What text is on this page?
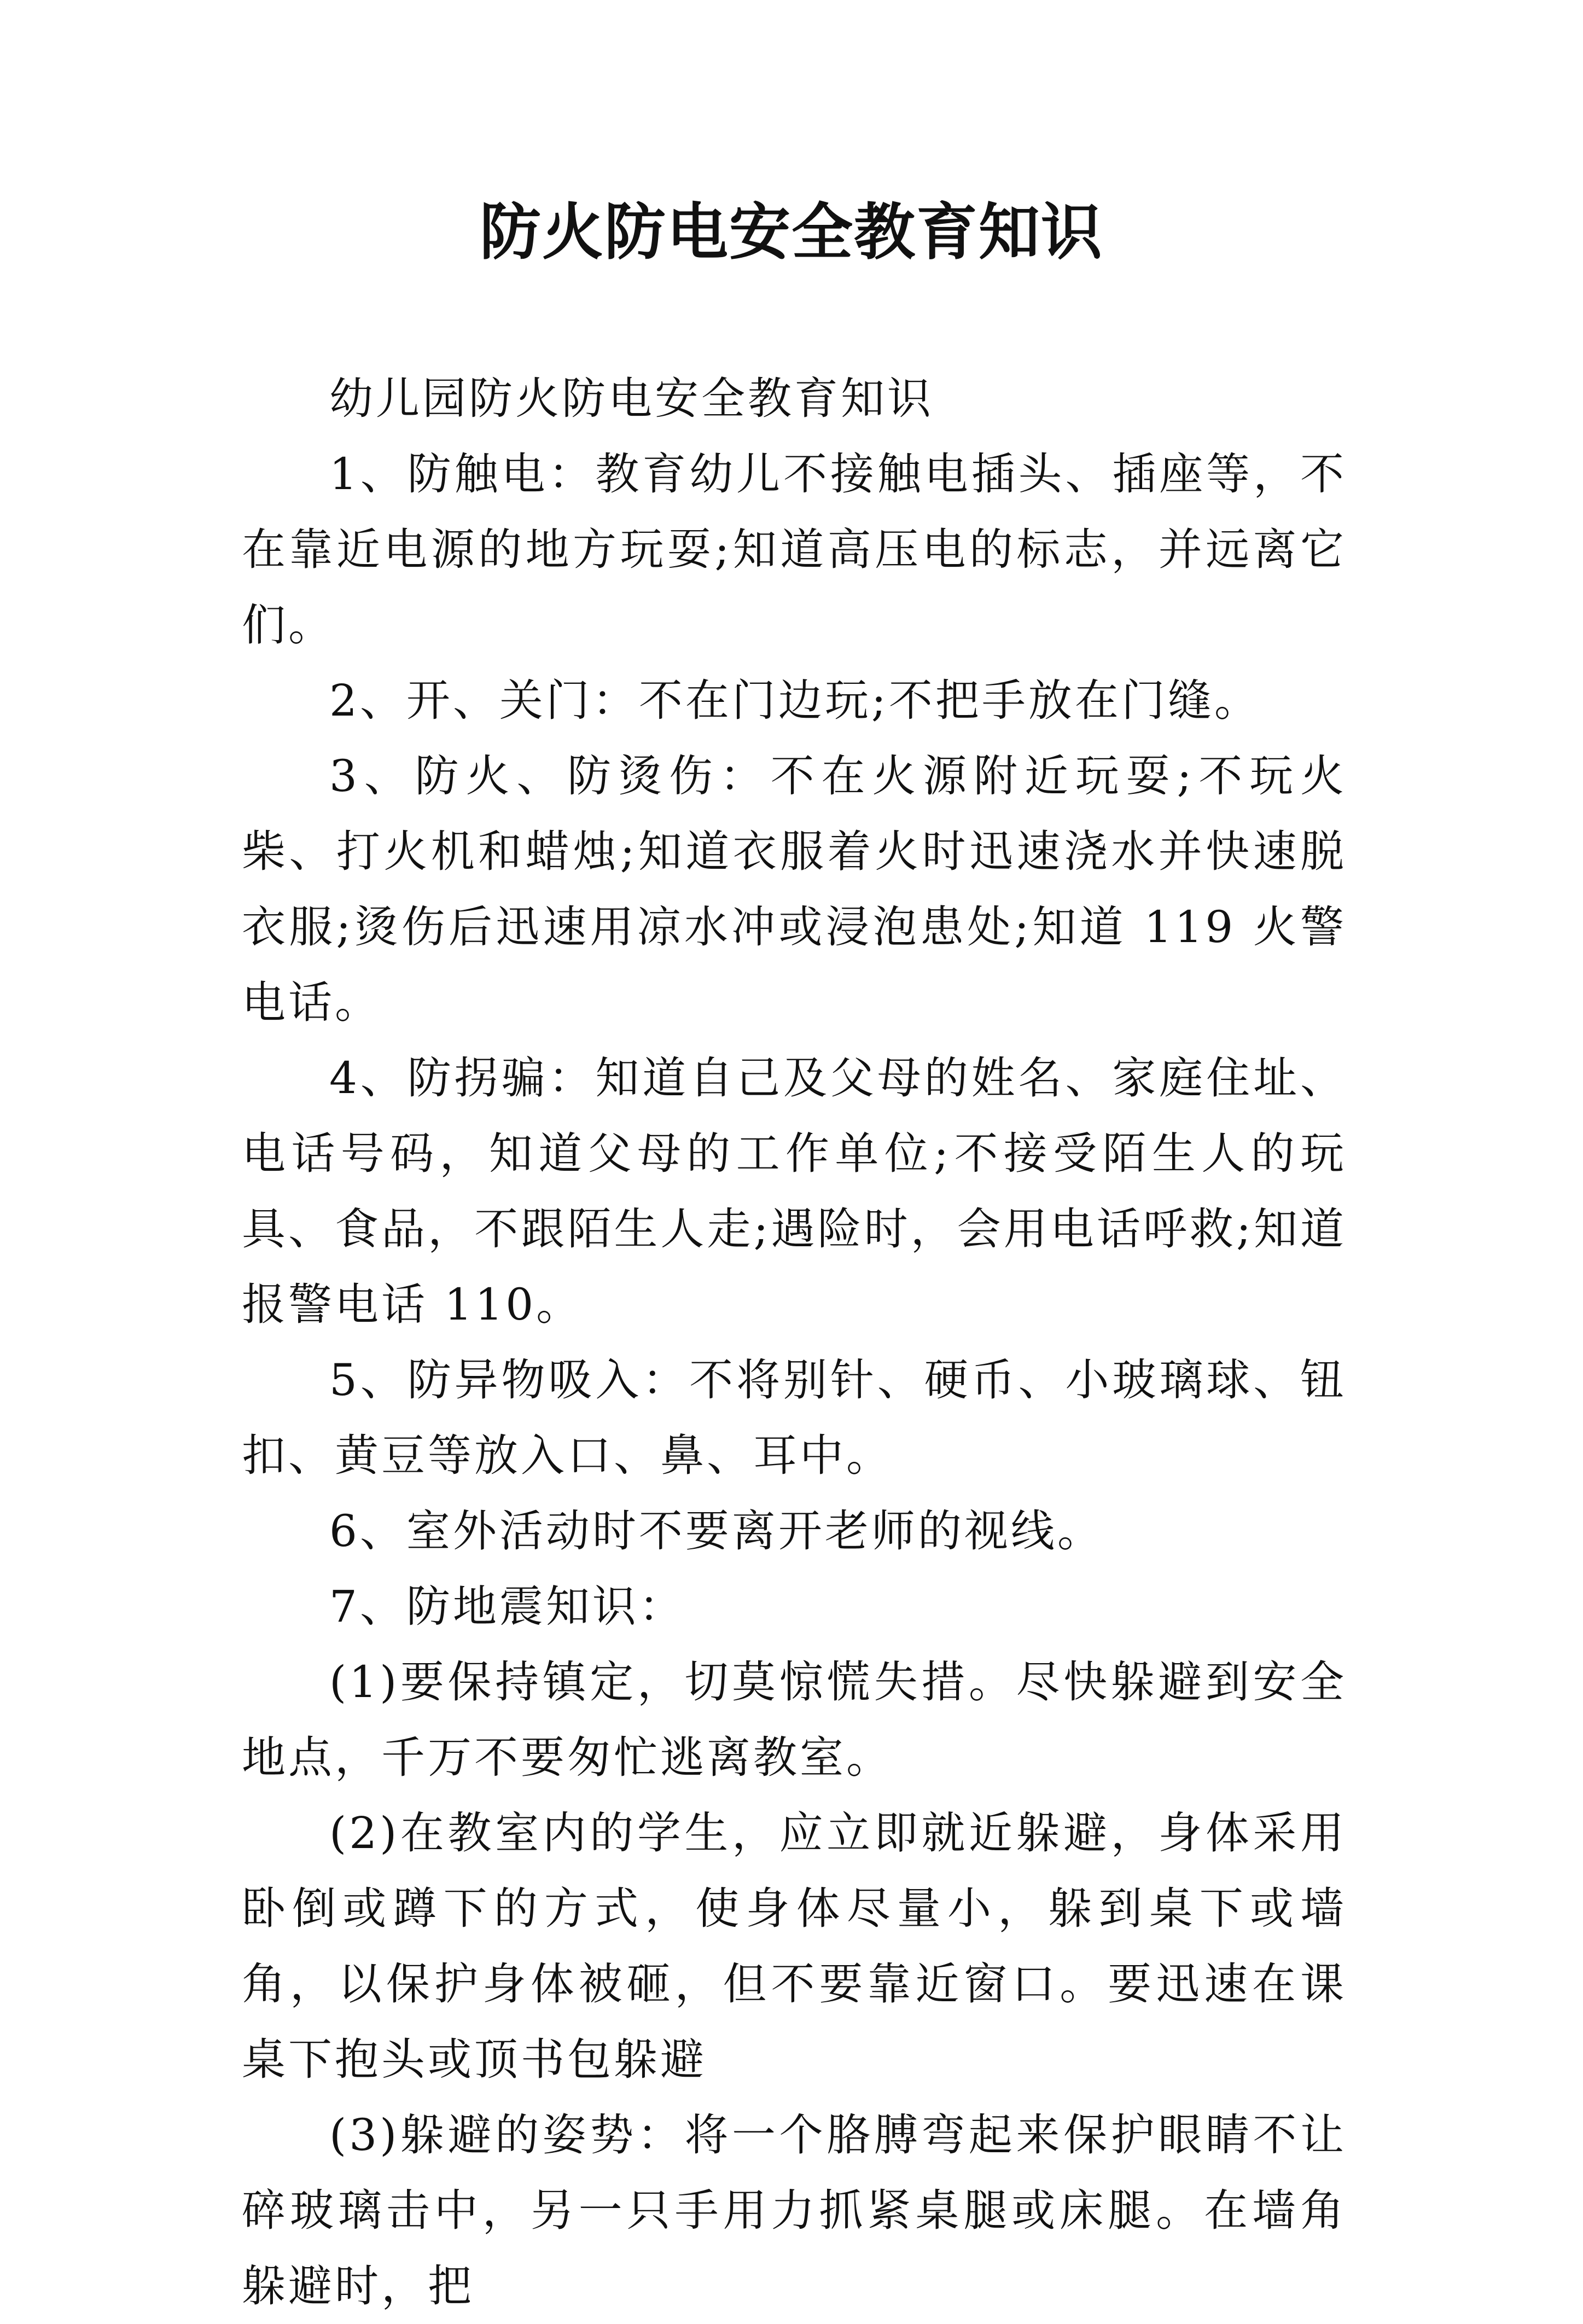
防火防电安全教育知识

幼儿园防火防电安全教育知识

1、防触电：教育幼儿不接触电插头、插座等，不在靠近电源的地方玩耍;知道高压电的标志，并远离它们。

2、开、关门：不在门边玩;不把手放在门缝。

3、防火、防烫伤：不在火源附近玩耍;不玩火柴、打火机和蜡烛;知道衣服着火时迅速浇水并快速脱衣服;烫伤后迅速用凉水冲或浸泡患处;知道 119 火警电话。

4、防拐骗：知道自己及父母的姓名、家庭住址、电话号码，知道父母的工作单位;不接受陌生人的玩具、食品，不跟陌生人走;遇险时，会用电话呼救;知道报警电话 110。

5、防异物吸入：不将别针、硬币、小玻璃球、钮扣、黄豆等放入口、鼻、耳中。

6、室外活动时不要离开老师的视线。

7、防地震知识：

(1)要保持镇定，切莫惊慌失措。尽快躲避到安全地点，千万不要匆忙逃离教室。

(2)在教室内的学生，应立即就近躲避，身体采用卧倒或蹲下的方式，使身体尽量小，躲到桌下或墙角，以保护身体被砸，但不要靠近窗口。要迅速在课桌下抱头或顶书包躲避

(3)躲避的姿势：将一个胳膊弯起来保护眼睛不让碎玻璃击中，另一只手用力抓紧桌腿或床腿。在墙角躲避时，把
